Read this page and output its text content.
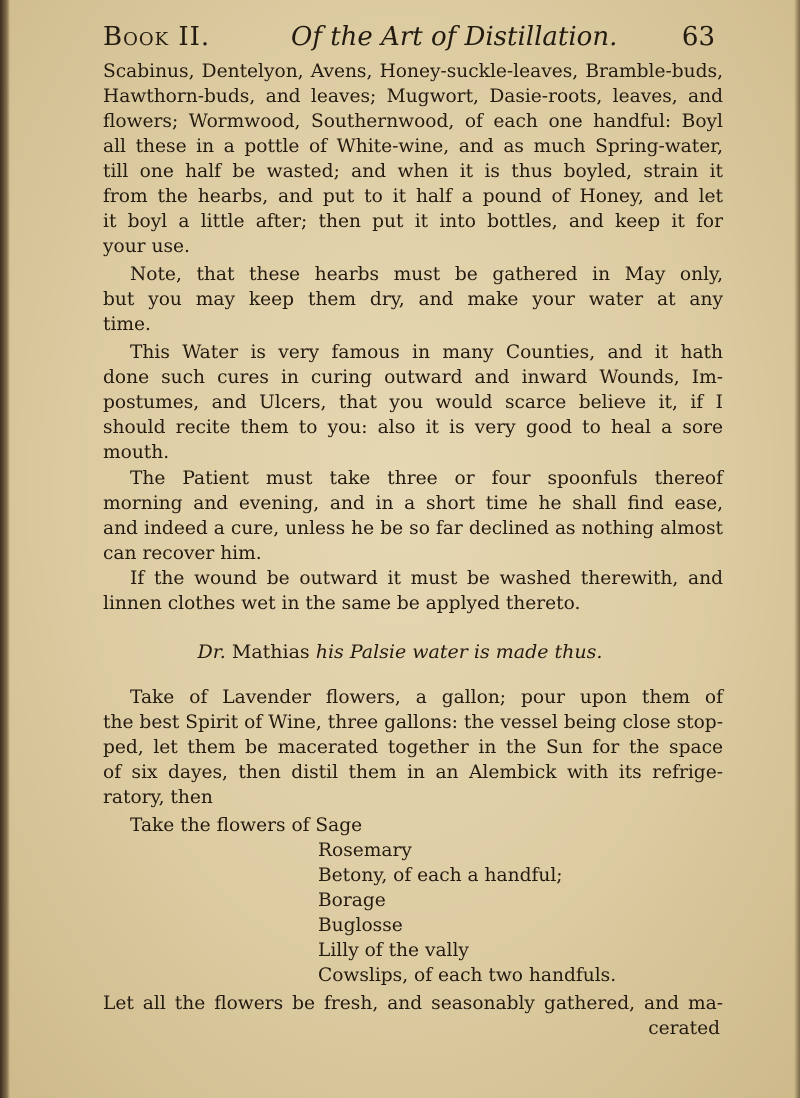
Book II.	Of the Art of Distillation. 63
Scabinus, Dentelyon, Avens, Honey-suckle-leaves, Bramble-buds,
Hawthorn-buds, and leaves; Mugwort, Dasie-roots, leaves, and
flowers; Wormwood, Southernwood, of each one handful: Boyl
all these in a pottle of White-wine, and as much Spring-water,
till one half be wasted; and when it is thus boyled, strain it
from the hearbs, and put to it half a pound of Honey, and let
it boyl a little after; then put it into bottles, and keep it for
your use.
Note, that these hearbs must be gathered in May only,
but you may keep them dry, and make your water at any
time.
This Water is very famous in many Counties, and it hath
done such cures in curing outward and inward Wounds, Im-
postumes, and Ulcers, that you would scarce believe it, if I
should recite them to you: also it is very good to heal a sore
mouth.
The Patient must take three or four spoonfuls thereof
morning and evening, and in a short time he shall find ease,
and indeed a cure, unless he be so far declined as nothing almost
can recover him.
If the wound be outward it must be washed therewith, and
linnen clothes wet in the same be applyed thereto.
Dr. Mathias his Palsie water is made thus.
Take of Lavender flowers, a gallon; pour upon them of
the best Spirit of Wine, three gallons: the vessel being close stop-
ped, let them be macerated together in the Sun for the space
of six dayes, then distil them in an Alembick with its refrige-
ratory, then
Take the flowers of Sage
Rosemary
Betony, of each a handful;
Borage
Buglosse
Lilly of the vally
Cowslips, of each two handfuls.
Let all the flowers be fresh, and seasonably gathered, and ma-
cerated
